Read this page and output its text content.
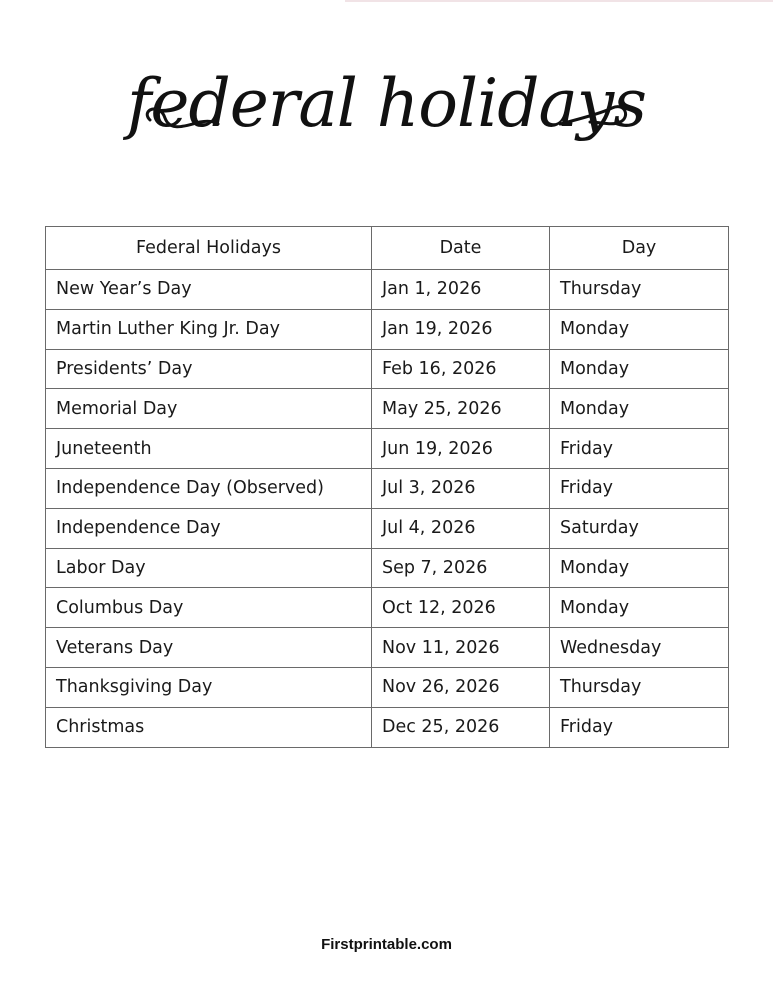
federal holidays
Federal Holidays	Date	Day
New Year’s Day	Jan 1, 2026	Thursday
Martin Luther King Jr. Day	Jan 19, 2026	Monday
Presidents’ Day	Feb 16, 2026	Monday
Memorial Day	May 25, 2026	Monday
Juneteenth	Jun 19, 2026	Friday
Independence Day (Observed)	Jul 3, 2026	Friday
Independence Day	Jul 4, 2026	Saturday
Labor Day	Sep 7, 2026	Monday
Columbus Day	Oct 12, 2026	Monday
Veterans Day	Nov 11, 2026	Wednesday
Thanksgiving Day	Nov 26, 2026	Thursday
Christmas	Dec 25, 2026	Friday
Firstprintable.com
